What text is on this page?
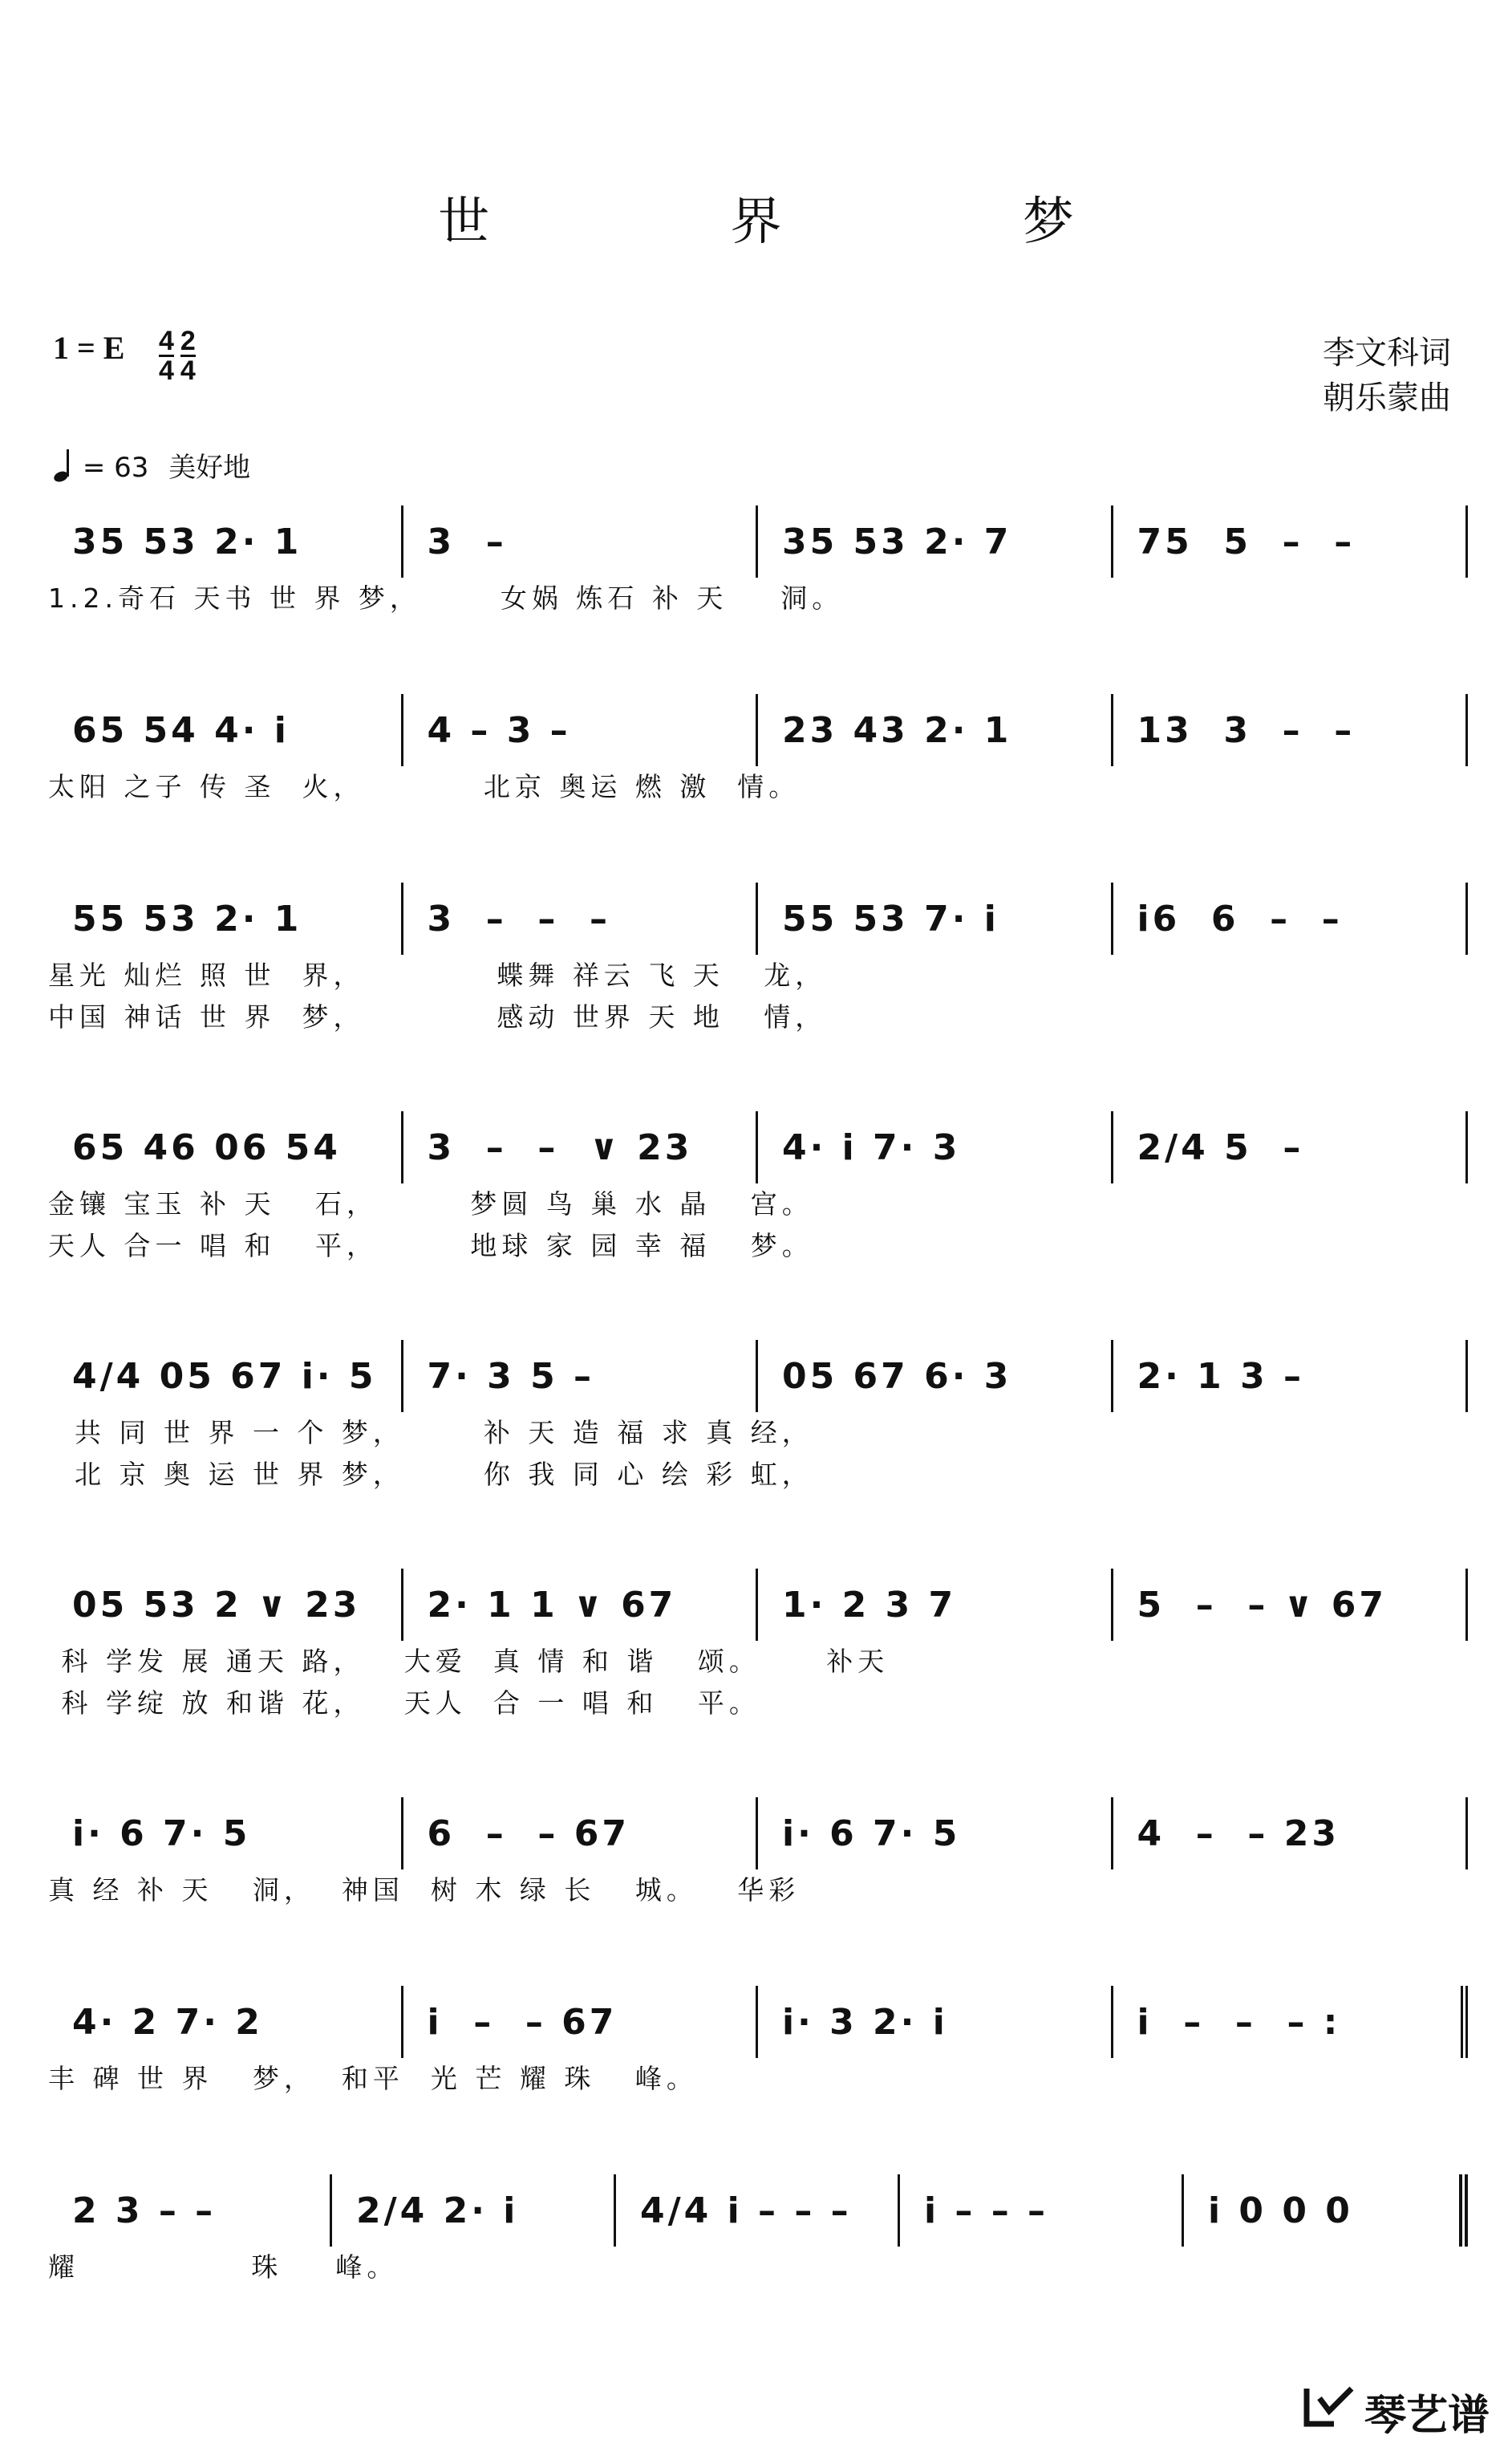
世 界 梦
1 = E $\frac{4}{4} \frac{2}{4}$	李文科词
朝乐蒙曲
= 63 美好地
35 53 2· 1	3  –	35 53 2· 7	75  5  –  –
1.2.奇石 天书 世 界 梦，      女娲 炼石 补 天    洞。
65 54 4· i	4 – 3 –	23 43 2· 1	13  3  –  –
太阳 之子 传 圣  火，         北京 奥运 燃 激  情。
55 53 2· 1	3  –  –  –	55 53 7· i	i6  6  –  –
星光 灿烂 照 世  界，          蝶舞 祥云 飞 天   龙，
中国 神话 世 界  梦，          感动 世界 天 地   情，
65 46 06 54 3  –  –  ∨ 23	4· i 7· 3	2/4 5  –
金镶 宝玉 补 天   石，       梦圆 鸟 巢 水 晶   宫。
天人 合一 唱 和   平，       地球 家 园 幸 福   梦。
4/4 05 67 i· 5 7· 3 5 –	05 67 6· 3	2· 1 3 –
共 同 世 界 一 个 梦，      补 天 造 福 求 真 经，
北 京 奥 运 世 界 梦，      你 我 同 心 绘 彩 虹，
05 53 2 ∨ 23 2· 1 1 ∨ 67	1· 2 3 7	5  –  – ∨ 67
科 学发 展 通天 路，   大爱  真 情 和 谐   颂。     补天
科 学绽 放 和谐 花，   天人  合 一 唱 和   平。
i· 6 7· 5	6  –  – 67	i· 6 7· 5	4  –  – 23
真 经 补 天   洞，  神国  树 木 绿 长   城。   华彩
4· 2 7· 2	i  –  – 67	i· 3 2· i	i  –  –  – :
丰 碑 世 界   梦，  和平  光 芒 耀 珠   峰。
2 3 – –	2/4 2· i	4/4 i – – – i – – –	i 0 0 0
耀             珠    峰。
琴艺谱
